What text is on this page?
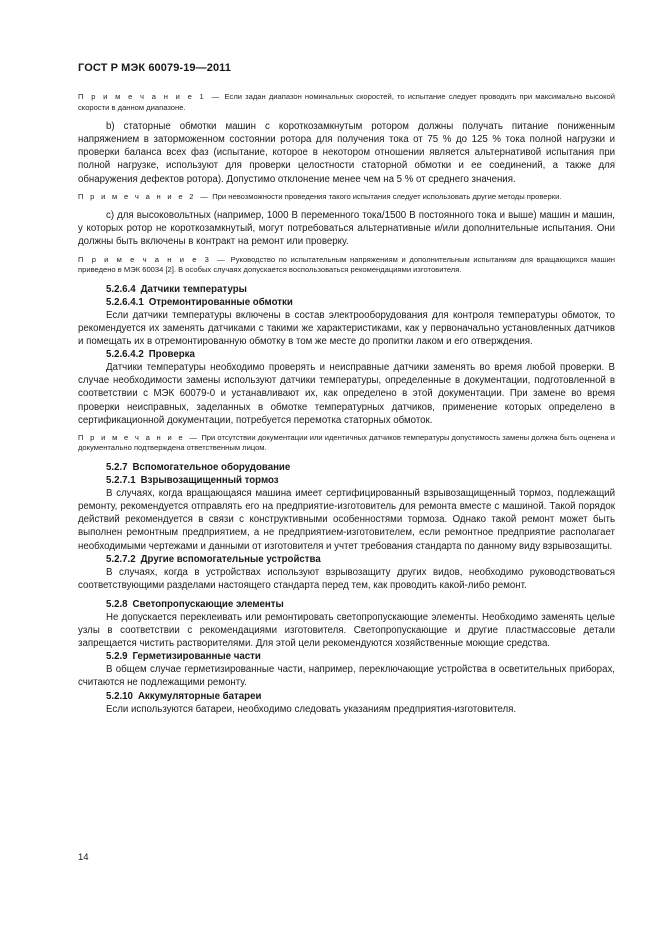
ГОСТ Р МЭК 60079-19—2011

П р и м е ч а н и е 1 — Если задан диапазон номинальных скоростей, то испытание следует проводить при максимально высокой скорости в данном диапазоне.

b) статорные обмотки машин с короткозамкнутым ротором должны получать питание пониженным напряжением в заторможенном состоянии ротора для получения тока от 75 % до 125 % тока полной нагрузки и проверки баланса всех фаз (испытание, которое в некотором отношении является альтернативой испытания при полной нагрузке, используют для проверки целостности статорной обмотки и ее соединений, а также для обнаружения дефектов ротора). Допустимо отклонение менее чем на 5 % от среднего значения.

П р и м е ч а н и е 2 — При невозможности проведения такого испытания следует использовать другие методы проверки.

c) для высоковольтных (например, 1000 В переменного тока/1500 В постоянного тока и выше) машин и машин, у которых ротор не короткозамкнутый, могут потребоваться альтернативные и/или дополнительные испытания. Они должны быть включены в контракт на ремонт или проверку.

П р и м е ч а н и е 3 — Руководство по испытательным напряжениям и дополнительным испытаниям для вращающихся машин приведено в МЭК 60034 [2]. В особых случаях допускается воспользоваться рекомендациями изготовителя.

5.2.6.4 Датчики температуры

5.2.6.4.1 Отремонтированные обмотки

Если датчики температуры включены в состав электрооборудования для контроля температуры обмоток, то рекомендуется их заменять датчиками с такими же характеристиками, как у первоначально установленных датчиков и помещать их в отремонтированную обмотку в том же месте до пропитки лаком и его отверждения.

5.2.6.4.2 Проверка

Датчики температуры необходимо проверять и неисправные датчики заменять во время любой проверки. В случае необходимости замены используют датчики температуры, определенные в документации, подготовленной в соответствии с МЭК 60079-0 и устанавливают их, как определено в этой документации. При замене во время проверки неисправных, заделанных в обмотке температурных датчиков, применение которых определено в сертификационной документации, потребуется перемотка статорных обмоток.

П р и м е ч а н и е — При отсутствии документации или идентичных датчиков температуры допустимость замены должна быть оценена и документально подтверждена ответственным лицом.

5.2.7 Вспомогательное оборудование

5.2.7.1 Взрывозащищенный тормоз

В случаях, когда вращающаяся машина имеет сертифицированный взрывозащищенный тормоз, подлежащий ремонту, рекомендуется отправлять его на предприятие-изготовитель для ремонта вместе с машиной. Такой порядок действий рекомендуется в связи с конструктивными особенностями тормоза. Однако такой ремонт может быть выполнен ремонтным предприятием, а не предприятием-изготовителем, если ремонтное предприятие располагает необходимыми чертежами и данными от изготовителя и учтет требования стандарта по данному виду взрывозащиты.

5.2.7.2 Другие вспомогательные устройства

В случаях, когда в устройствах используют взрывозащиту других видов, необходимо руководствоваться соответствующими разделами настоящего стандарта перед тем, как проводить какой-либо ремонт.

5.2.8 Светопропускающие элементы

Не допускается переклеивать или ремонтировать светопропускающие элементы. Необходимо заменять целые узлы в соответствии с рекомендациями изготовителя. Светопропускающие и другие пластмассовые детали запрещается чистить растворителями. Для этой цели рекомендуются хозяйственные моющие средства.

5.2.9 Герметизированные части

В общем случае герметизированные части, например, переключающие устройства в осветительных приборах, считаются не подлежащими ремонту.

5.2.10 Аккумуляторные батареи

Если используются батареи, необходимо следовать указаниям предприятия-изготовителя.

14
